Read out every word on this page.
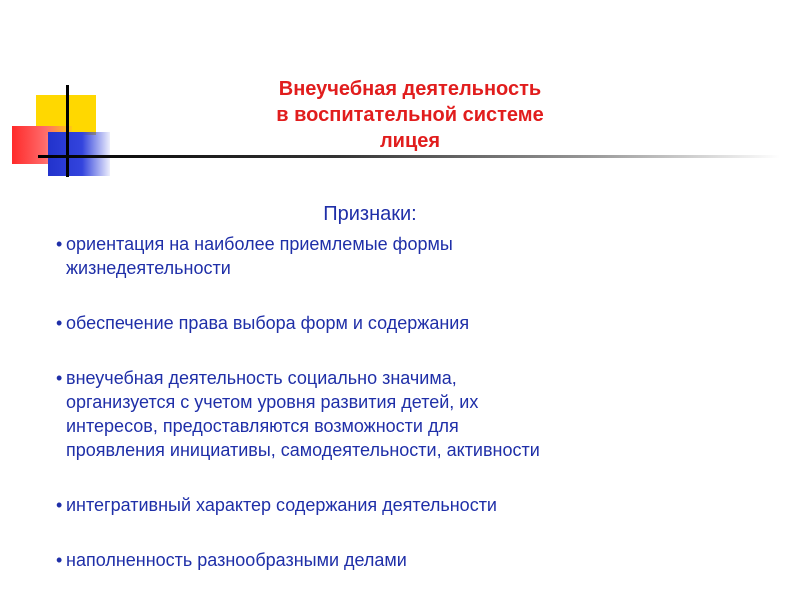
Внеучебная деятельность
в воспитательной системе
лицея
Признаки:
• ориентация на наиболее приемлемые формы
жизнедеятельности
• обеспечение права выбора форм и содержания
• внеучебная деятельность социально значима,
организуется с учетом уровня развития детей, их
интересов, предоставляются возможности для
проявления инициативы, самодеятельности, активности
• интегративный характер содержания деятельности
• наполненность разнообразными делами
